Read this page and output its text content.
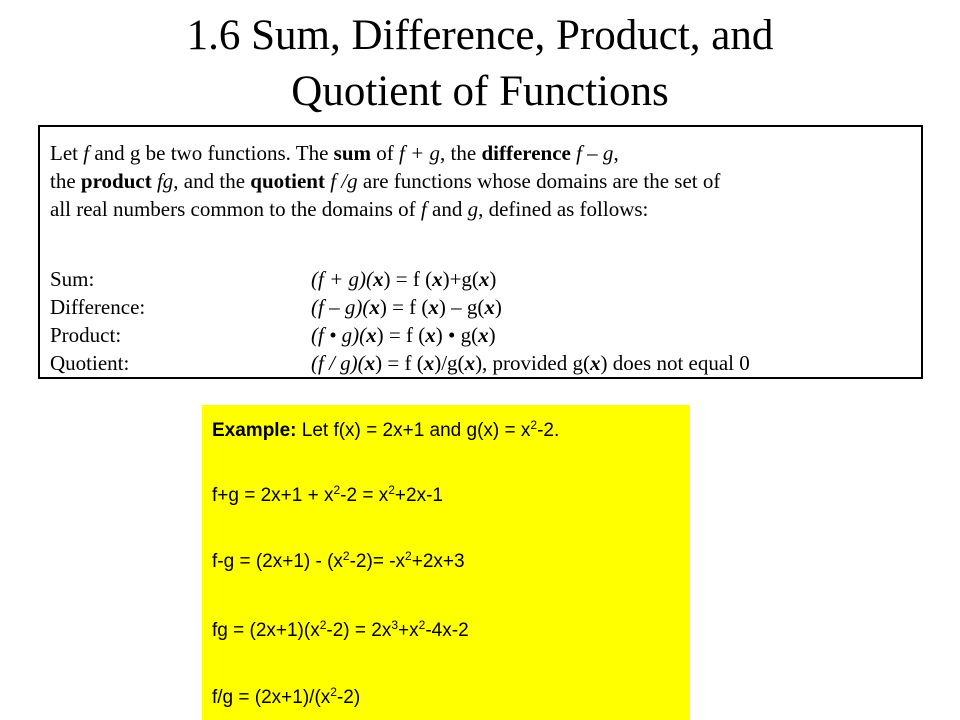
1.6 Sum, Difference, Product, and
Quotient of Functions
Let f and g be two functions. The sum of f + g, the difference f – g,
the product fg, and the quotient f /g are functions whose domains are the set of
all real numbers common to the domains of f and g, defined as follows:
Sum:	(f + g)(x) = f (x)+g(x)
Difference:	(f – g)(x) = f (x) – g(x)
Product:	(f • g)(x) = f (x) • g(x)
Quotient:	(f / g)(x) = f (x)/g(x), provided g(x) does not equal 0
Example: Let f(x) = 2x+1 and $g(x) = x^2-2$.
$f+g = 2x+1 + x^2-2 = x^2+2x-1$
$f-g = (2x+1) - (x^2-2)= -x^2+2x+3$
fg = $(2x+1)(x^2-2) = 2x^3+x^2-4x-2$
$f/g = (2x+1)/(x^2-2)$
